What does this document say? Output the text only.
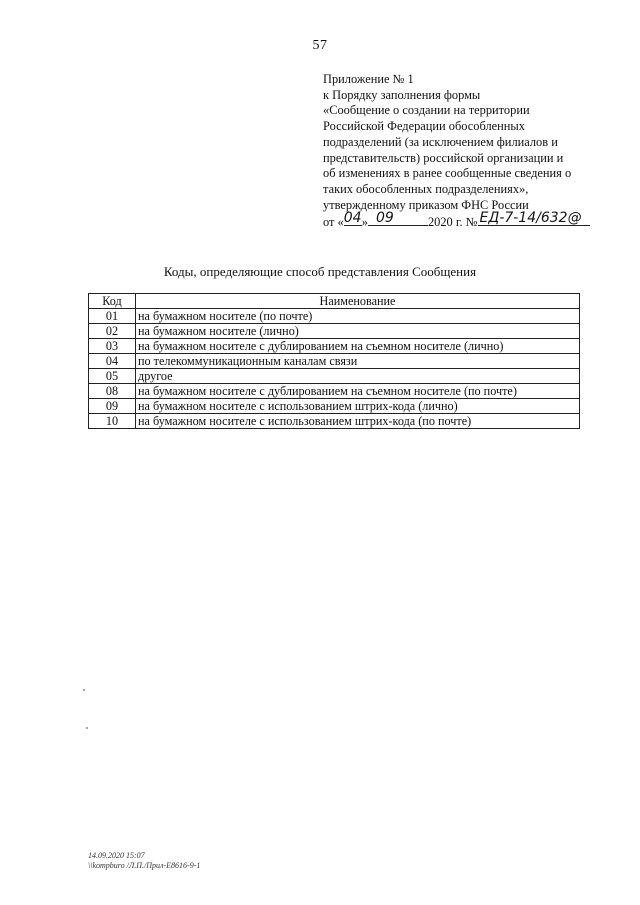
57
Приложение № 1
к Порядку заполнения формы
«Сообщение о создании на территории
Российской Федерации обособленных
подразделений (за исключением филиалов и
представительств) российской организации и
об изменениях в ранее сообщенные сведения о
таких обособленных подразделениях»,
утвержденному приказом ФНС России
от « 04 » 09	2020 г. № ЕД-7-14/632@
Коды, определяющие способ представления Сообщения
Код	Наименование
01	на бумажном носителе (по почте)
02	на бумажном носителе (лично)
03	на бумажном носителе с дублированием на съемном носителе (лично)
04	по телекоммуникационным каналам связи
05	другое
08	на бумажном носителе с дублированием на съемном носителе (по почте)
09	на бумажном носителе с использованием штрих-кода (лично)
10	на бумажном носителе с использованием штрих-кода (по почте)
14.09.2020 15:07
\\kompburo /Л.П./Прил-Е8616-9-1
